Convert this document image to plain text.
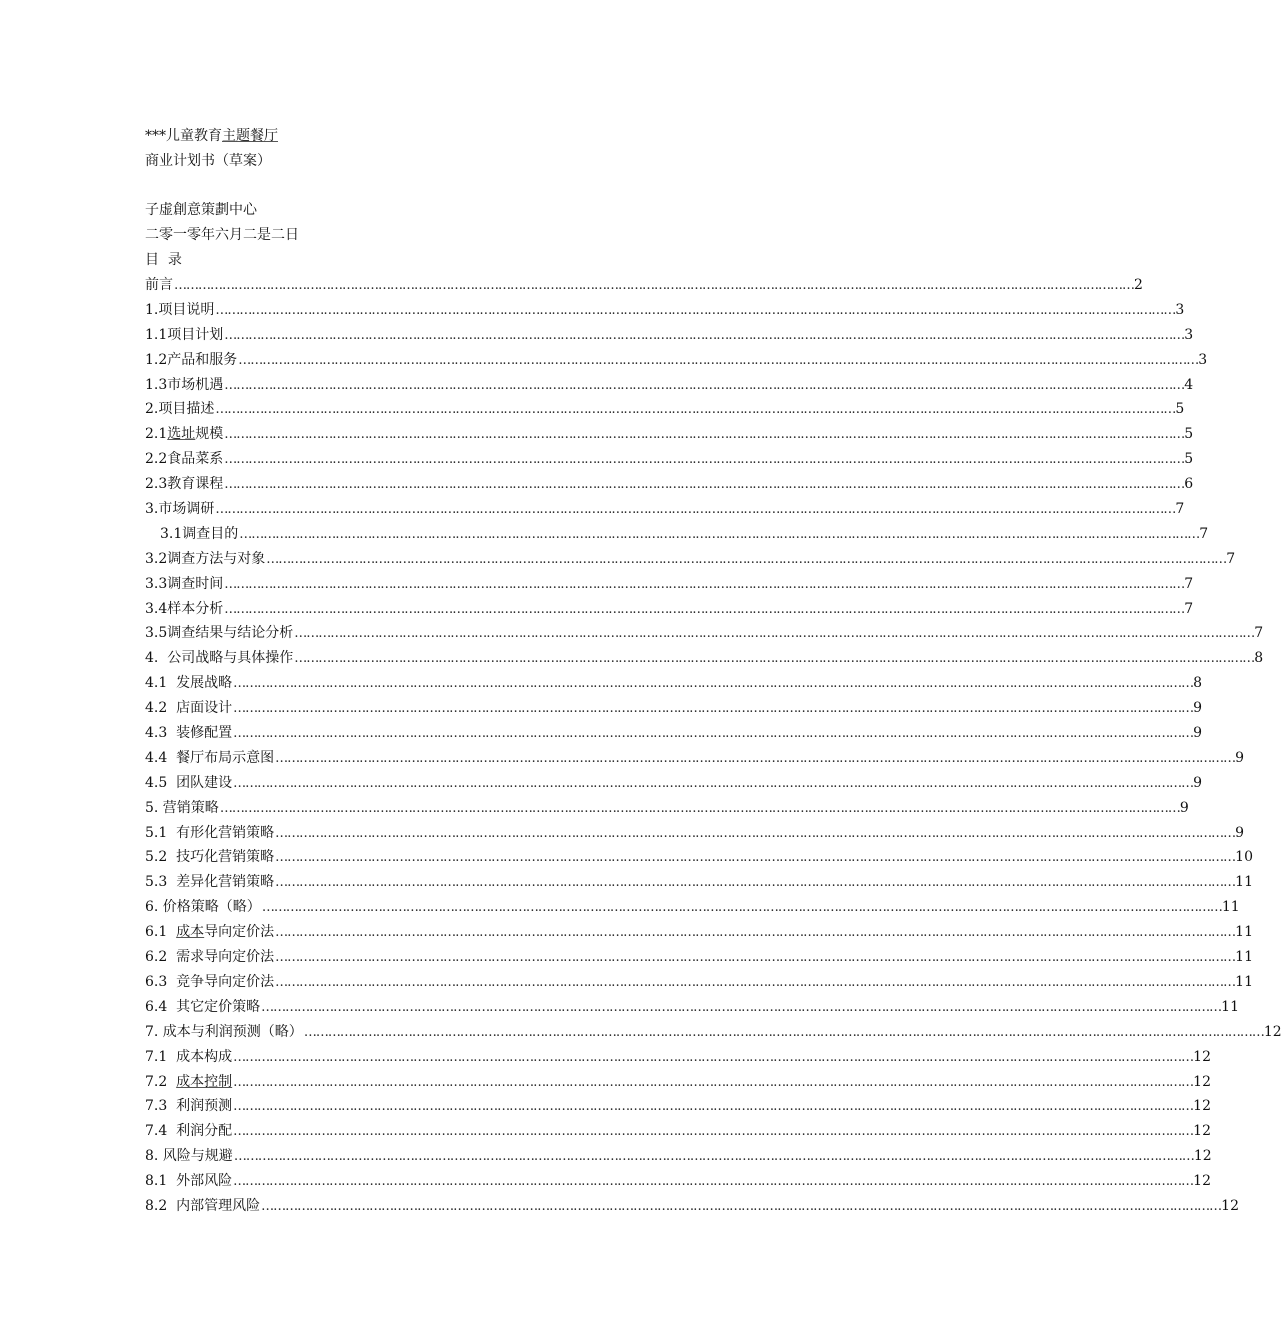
***儿童教育主题餐厅
商业计划书（草案）
子虚創意策劃中心
二零一零年六月二是二日
目  录
前言 …………………………………………………………………………………………………………………………………………………………………………………………………………………… 2
1.项目说明 …………………………………………………………………………………………………………………………………………………………………………………………………………………… 3
1.1项目计划 …………………………………………………………………………………………………………………………………………………………………………………………………………………… 3
1.2产品和服务 …………………………………………………………………………………………………………………………………………………………………………………………………………………… 3
1.3市场机遇 …………………………………………………………………………………………………………………………………………………………………………………………………………………… 4
2.项目描述 …………………………………………………………………………………………………………………………………………………………………………………………………………………… 5
2.1选址规模 …………………………………………………………………………………………………………………………………………………………………………………………………………………… 5
2.2食品菜系 …………………………………………………………………………………………………………………………………………………………………………………………………………………… 5
2.3教育课程 …………………………………………………………………………………………………………………………………………………………………………………………………………………… 6
3.市场调研 …………………………………………………………………………………………………………………………………………………………………………………………………………………… 7
3.1调查目的 …………………………………………………………………………………………………………………………………………………………………………………………………………………… 7
3.2调查方法与对象 …………………………………………………………………………………………………………………………………………………………………………………………………………………… 7
3.3调查时间 …………………………………………………………………………………………………………………………………………………………………………………………………………………… 7
3.4样本分析 …………………………………………………………………………………………………………………………………………………………………………………………………………………… 7
3.5调查结果与结论分析 …………………………………………………………………………………………………………………………………………………………………………………………………………………… 7
4.  公司战略与具体操作 …………………………………………………………………………………………………………………………………………………………………………………………………………………… 8
4.1  发展战略 …………………………………………………………………………………………………………………………………………………………………………………………………………………… 8
4.2  店面设计 …………………………………………………………………………………………………………………………………………………………………………………………………………………… 9
4.3  装修配置 …………………………………………………………………………………………………………………………………………………………………………………………………………………… 9
4.4  餐厅布局示意图 …………………………………………………………………………………………………………………………………………………………………………………………………………………… 9
4.5  团队建设 …………………………………………………………………………………………………………………………………………………………………………………………………………………… 9
5. 营销策略 …………………………………………………………………………………………………………………………………………………………………………………………………………………… 9
5.1  有形化营销策略 …………………………………………………………………………………………………………………………………………………………………………………………………………………… 9
5.2  技巧化营销策略 …………………………………………………………………………………………………………………………………………………………………………………………………………………… 10
5.3  差异化营销策略 …………………………………………………………………………………………………………………………………………………………………………………………………………………… 11
6. 价格策略（略） …………………………………………………………………………………………………………………………………………………………………………………………………………………… 11
6.1  成本导向定价法 …………………………………………………………………………………………………………………………………………………………………………………………………………………… 11
6.2  需求导向定价法 …………………………………………………………………………………………………………………………………………………………………………………………………………………… 11
6.3  竞争导向定价法 …………………………………………………………………………………………………………………………………………………………………………………………………………………… 11
6.4  其它定价策略 …………………………………………………………………………………………………………………………………………………………………………………………………………………… 11
7. 成本与利润预测（略） …………………………………………………………………………………………………………………………………………………………………………………………………………………… 12
7.1  成本构成 …………………………………………………………………………………………………………………………………………………………………………………………………………………… 12
7.2  成本控制 …………………………………………………………………………………………………………………………………………………………………………………………………………………… 12
7.3  利润预测 …………………………………………………………………………………………………………………………………………………………………………………………………………………… 12
7.4  利润分配 …………………………………………………………………………………………………………………………………………………………………………………………………………………… 12
8. 风险与规避 …………………………………………………………………………………………………………………………………………………………………………………………………………………… 12
8.1  外部风险 …………………………………………………………………………………………………………………………………………………………………………………………………………………… 12
8.2  内部管理风险 …………………………………………………………………………………………………………………………………………………………………………………………………………………… 12
